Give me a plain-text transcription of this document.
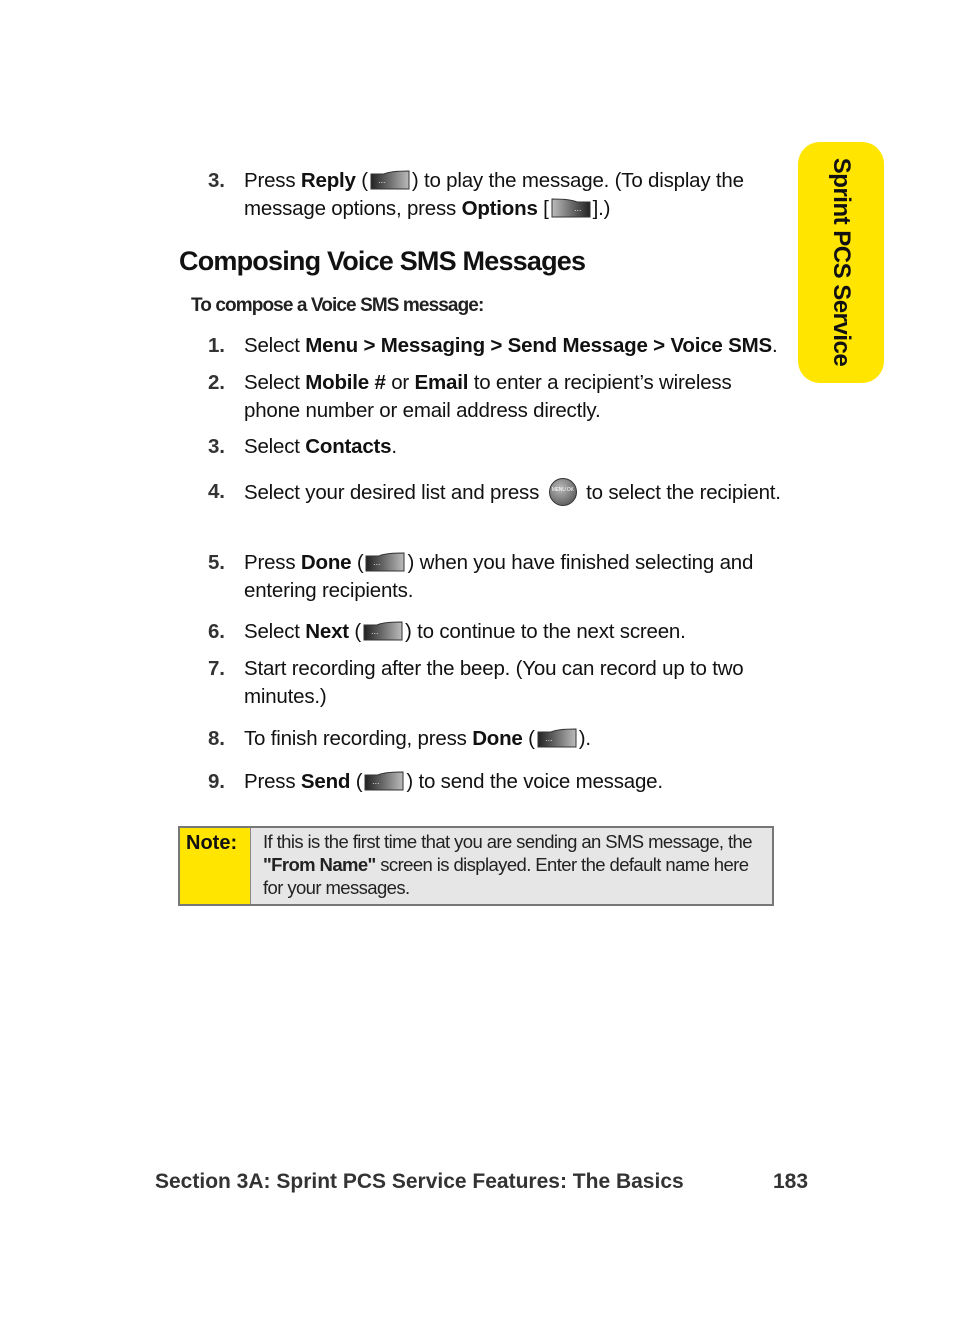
Sprint PCS Service
3. Press Reply ( ··· ) to play the message. (To display the message options, press Options [	··· ].)
Composing Voice SMS Messages
To compose a Voice SMS message:
1. Select Menu > Messaging > Send Message > Voice SMS.
2. Select Mobile # or Email to enter a recipient’s wireless phone number or email address directly.
3. Select Contacts.
4. Select your desired list and press	MENU OK to select the recipient.
5. Press Done ( ··· ) when you have finished selecting and entering recipients.
6. Select Next ( ··· ) to continue to the next screen.
7. Start recording after the beep. (You can record up to two minutes.)
8. To finish recording, press Done ( ··· ).
9. Press Send ( ··· ) to send the voice message.
Note:	If this is the first time that you are sending an SMS message, the "From Name" screen is displayed. Enter the default name here for your messages.
Section 3A: Sprint PCS Service Features: The Basics	183
